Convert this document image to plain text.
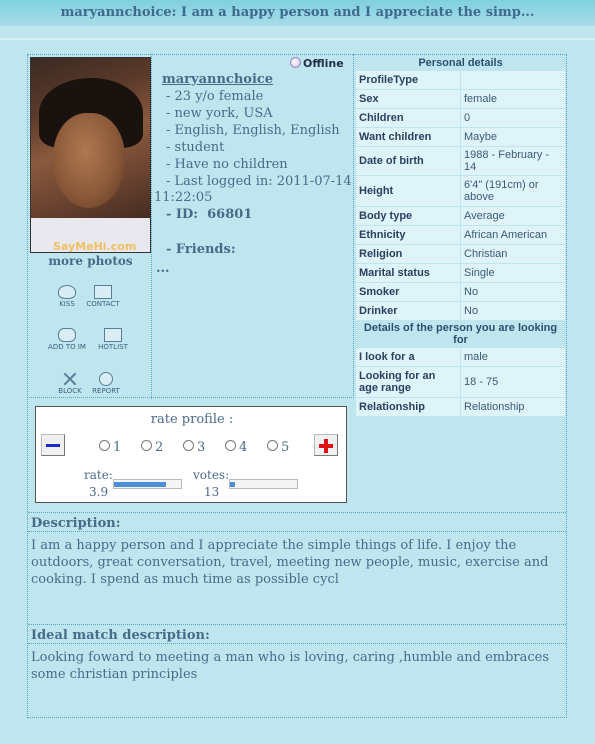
maryannchoice: I am a happy person and I appreciate the simp...
SayMeHi.com
more photos
KISS	CONTACT
ADD TO IM	HOTLIST
BLOCK	REPORT
Offline
maryannchoice
- 23 y/o female
- new york, USA
- English, English, English
- student
- Have no children
- Last logged in: 2011-07-14
11:22:05
- ID: 66801
- Friends:
...
rate profile :
1	2	3	4	5
rate:
3.9
votes:
13
Personal details	
ProfileType	
Sex	female
Children	0
Want children	Maybe
Date of birth	1988 - February - 14
Height	6'4" (191cm) or above
Body type	Average
Ethnicity	African American
Religion	Christian
Marital status	Single
Smoker	No
Drinker	No
Details of the person you are looking for	
I look for a	male
Looking for an age range	18 - 75
Relationship	Relationship
Description:
I am a happy person and I appreciate the simple things of life. I enjoy the outdoors, great conversation, travel, meeting new people, music, exercise and cooking. I spend as much time as possible cycl
Ideal match description:
Looking foward to meeting a man who is loving, caring ,humble and embraces some christian principles
